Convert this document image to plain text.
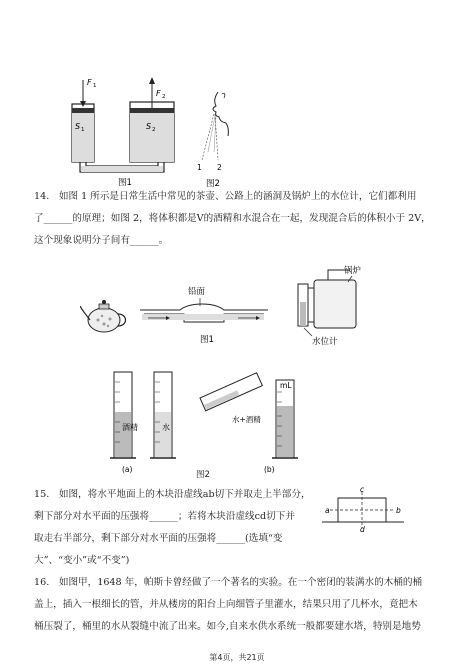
F 1
F 2
S 1	S 2
图1
1 2
图2
14.　如图 1 所示是日常生活中常见的茶壶、公路上的涵洞及锅炉上的水位计，它们都利用
了______的原理；如图 2，将体积都是V的酒精和水混合在一起，发现混合后的体积小于 2V，
这个现象说明分子间有______。
铅面
图1
锅炉
水位计
酒精	水
mL
水+酒精
(a)	(b)
图2
15.　如图，将水平地面上的木块沿虚线ab切下并取走上半部分，
剩下部分对水平面的压强将______；若将木块沿虚线cd切下并
取走右半部分，剩下部分对水平面的压强将______(选填“变
大”、“变小”或“不变”)
a	b
c
d
16.　如图甲，1648 年，帕斯卡曾经做了一个著名的实验。在一个密闭的装满水的木桶的桶
盖上，插入一根细长的管，并从楼房的阳台上向细管子里灌水，结果只用了几杯水，竟把木
桶压裂了，桶里的水从裂缝中流了出来。如今,自来水供水系统一般都要建水塔，特别是地势
第4页，共21页
